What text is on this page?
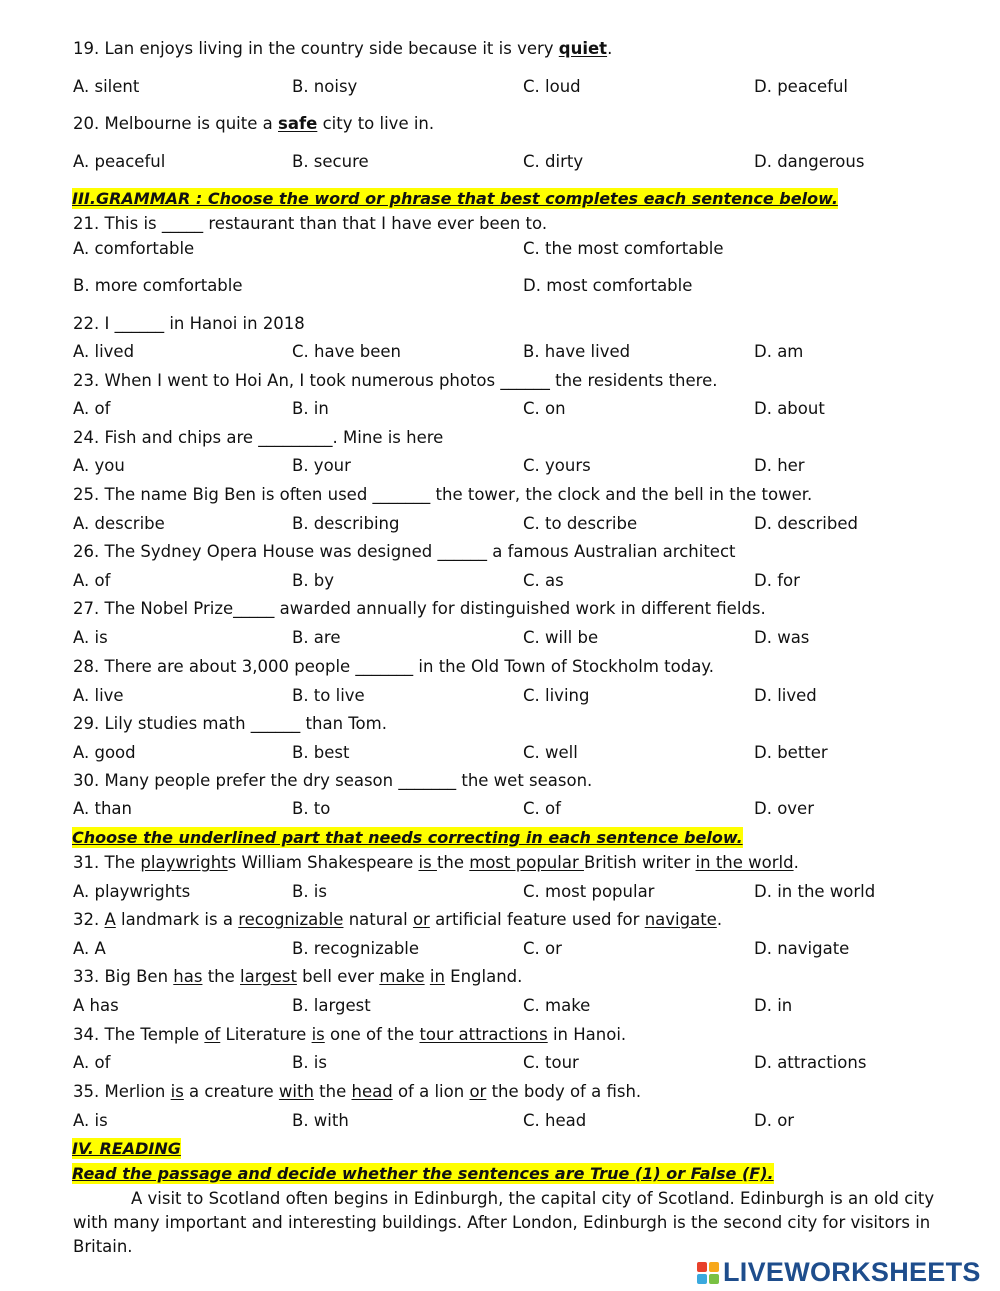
19. Lan enjoys living in the country side because it is very quiet.
A. silent	B. noisy	C. loud	D. peaceful
20. Melbourne is quite a safe city to live in.
A. peaceful	B. secure	C. dirty	D. dangerous
III.GRAMMAR : Choose the word or phrase that best completes each sentence below.
21. This is _____ restaurant than that I have ever been to.
A. comfortable	C. the most comfortable
B. more comfortable	D. most comfortable
22. I ______ in Hanoi in 2018
A. lived	C. have been	B. have lived	D. am
23. When I went to Hoi An, I took numerous photos ______ the residents there.
A. of	B. in	C. on	D. about
24. Fish and chips are _________. Mine is here
A. you	B. your	C. yours	D. her
25. The name Big Ben is often used _______ the tower, the clock and the bell in the tower.
A. describe	B. describing	C. to describe	D. described
26. The Sydney Opera House was designed ______ a famous Australian architect
A. of	B. by	C. as	D. for
27. The Nobel Prize_____ awarded annually for distinguished work in different fields.
A. is	B. are	C. will be	D. was
28. There are about 3,000 people _______ in the Old Town of Stockholm today.
A. live	B. to live	C. living	D. lived
29. Lily studies math ______ than Tom.
A. good	B. best	C. well	D. better
30. Many people prefer the dry season _______ the wet season.
A. than	B. to	C. of	D. over
Choose the underlined part that needs correcting in each sentence below.
31. The playwrights William Shakespeare is the most popular British writer in the world.
A. playwrights	B. is	C. most popular	D. in the world
32. A landmark is a recognizable natural or artificial feature used for navigate.
A. A	B. recognizable	C. or	D. navigate
33. Big Ben has the largest bell ever make in England.
A has	B. largest	C. make	D. in
34. The Temple of Literature is one of the tour attractions in Hanoi.
A. of	B. is	C. tour	D. attractions
35. Merlion is a creature with the head of a lion or the body of a fish.
A. is	B. with	C. head	D. or
IV. READING
Read the passage and decide whether the sentences are True (1) or False (F).

A visit to Scotland often begins in Edinburgh, the capital city of Scotland. Edinburgh is an old city with many important and interesting buildings. After London, Edinburgh is the second city for visitors in Britain.

LIVEWORKSHEETS
